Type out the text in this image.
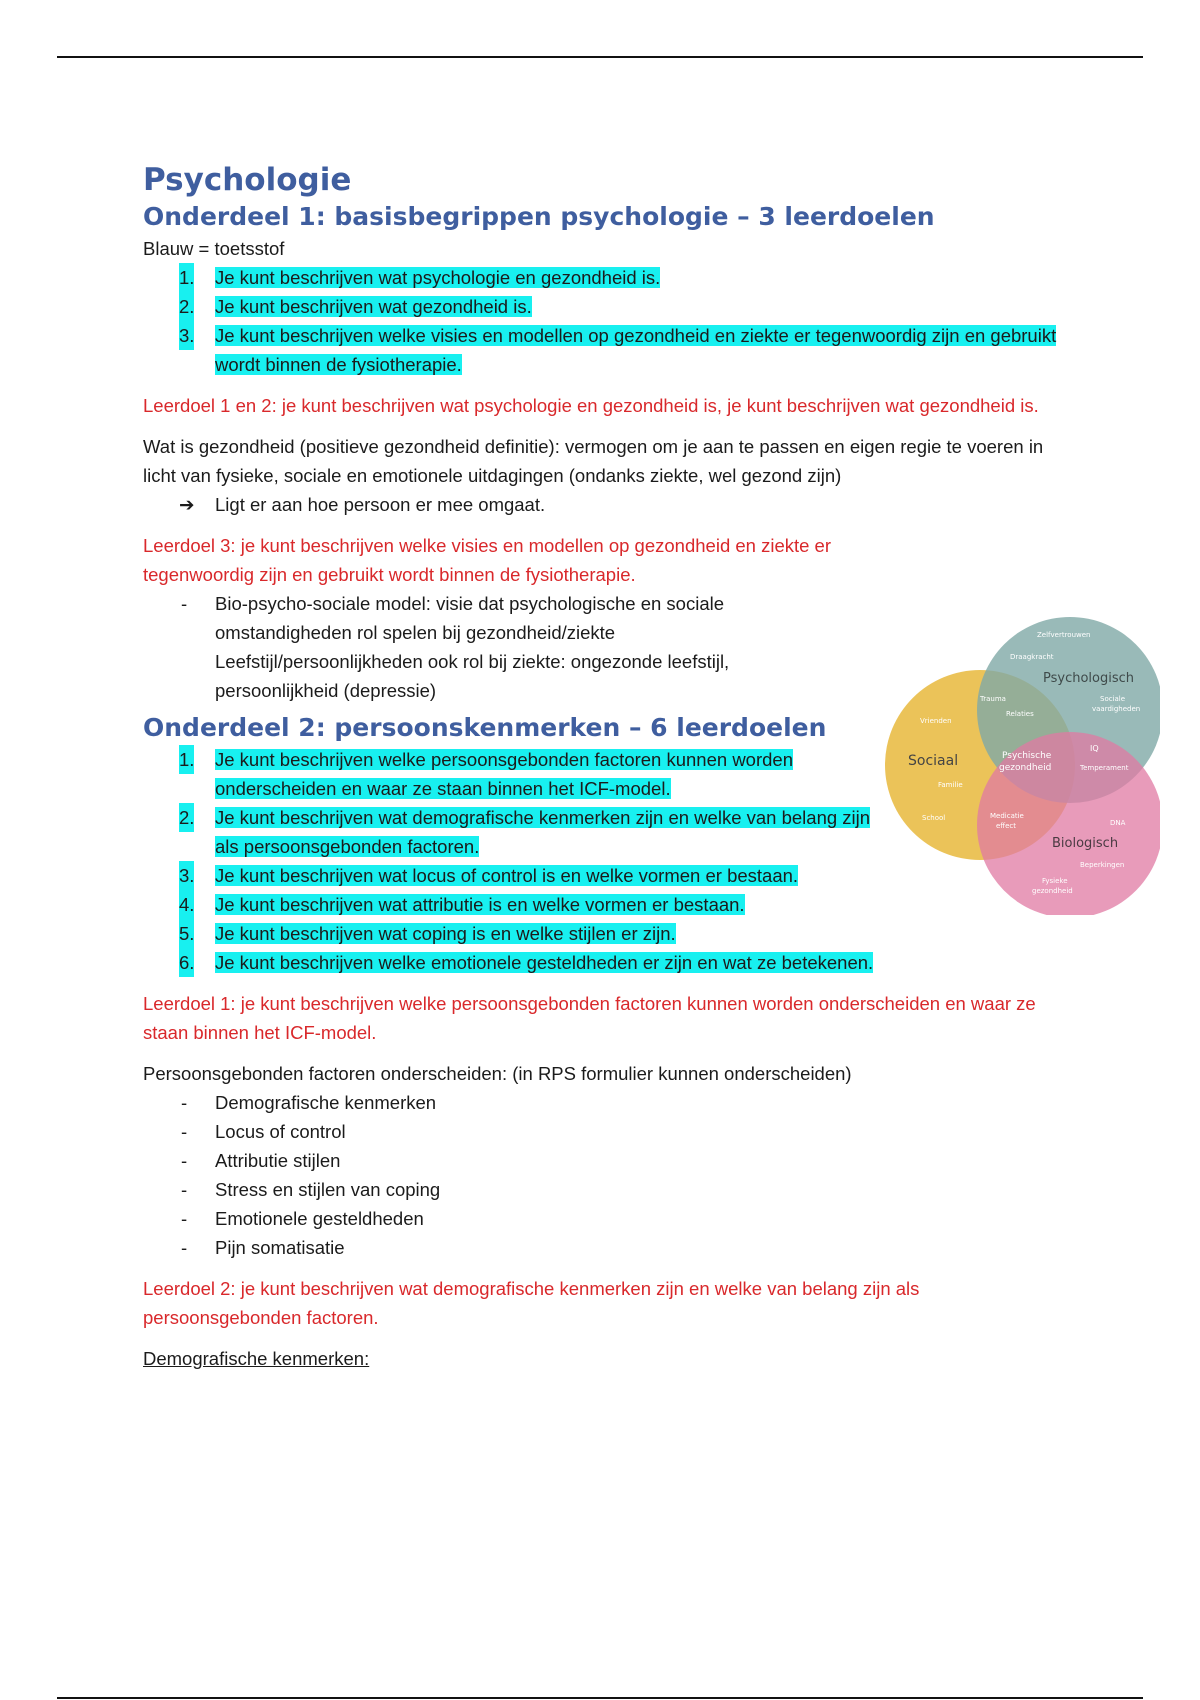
Psychologie
Onderdeel 1: basisbegrippen psychologie – 3 leerdoelen

Blauw = toetsstof

1. Je kunt beschrijven wat psychologie en gezondheid is.
2. Je kunt beschrijven wat gezondheid is.
3. Je kunt beschrijven welke visies en modellen op gezondheid en ziekte er tegenwoordig zijn en gebruikt wordt binnen de fysiotherapie.

Leerdoel 1 en 2: je kunt beschrijven wat psychologie en gezondheid is, je kunt beschrijven wat gezondheid is.

Wat is gezondheid (positieve gezondheid definitie): vermogen om je aan te passen en eigen regie te voeren in licht van fysieke, sociale en emotionele uitdagingen (ondanks ziekte, wel gezond zijn)

➔ Ligt er aan hoe persoon er mee omgaat.

Leerdoel 3: je kunt beschrijven welke visies en modellen op gezondheid en ziekte er tegenwoordig zijn en gebruikt wordt binnen de fysiotherapie.

- Bio-psycho-sociale model: visie dat psychologische en sociale omstandigheden rol spelen bij gezondheid/ziekte Leefstijl/persoonlijkheden ook rol bij ziekte: ongezonde leefstijl, persoonlijkheid (depressie)
Onderdeel 2: persoonskenmerken – 6 leerdoelen
1. Je kunt beschrijven welke persoonsgebonden factoren kunnen worden onderscheiden en waar ze staan binnen het ICF-model.
2. Je kunt beschrijven wat demografische kenmerken zijn en welke van belang zijn als persoonsgebonden factoren.
3. Je kunt beschrijven wat locus of control is en welke vormen er bestaan.
4. Je kunt beschrijven wat attributie is en welke vormen er bestaan.
5. Je kunt beschrijven wat coping is en welke stijlen er zijn.
6. Je kunt beschrijven welke emotionele gesteldheden er zijn en wat ze betekenen.

Leerdoel 1: je kunt beschrijven welke persoonsgebonden factoren kunnen worden onderscheiden en waar ze staan binnen het ICF-model.

Persoonsgebonden factoren onderscheiden: (in RPS formulier kunnen onderscheiden)

- Demografische kenmerken
- Locus of control
- Attributie stijlen
- Stress en stijlen van coping
- Emotionele gesteldheden
- Pijn somatisatie

Leerdoel 2: je kunt beschrijven wat demografische kenmerken zijn en welke van belang zijn als persoonsgebonden factoren.

Demografische kenmerken:

Sociaal
Psychologisch
Biologisch
Psychische
gezondheid
Zelfvertrouwen
Draagkracht
Trauma
Relaties
Sociale
vaardigheden
Vrienden
IQ
Temperament
Familie
School	Medicatie
effect	DNA
Beperkingen
Fysieke
gezondheid
